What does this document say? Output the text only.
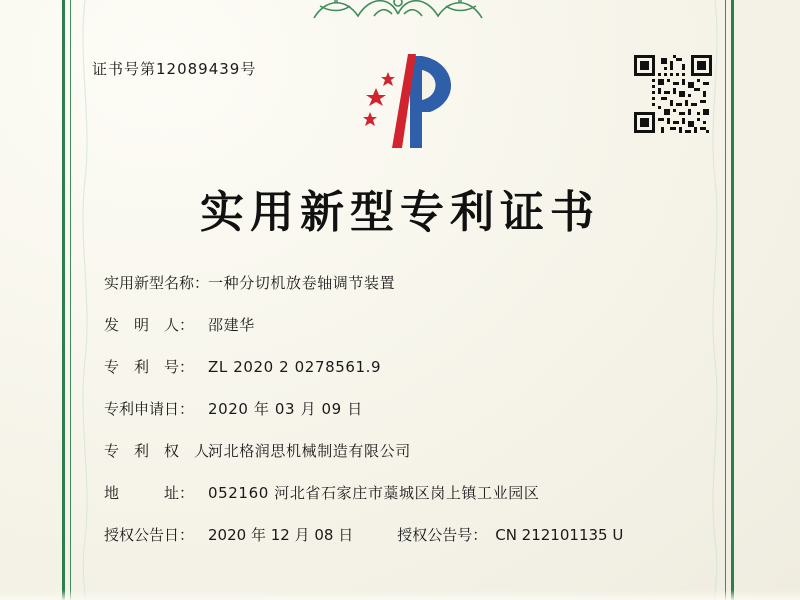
证书号第12089439号
实用新型专利证书
实用新型名称：
一种分切机放卷轴调节装置
发　明　人： 邵建华
专　利　号： ZL 2020 2 0278561.9
专利申请日： 2020 年 03 月 09 日
专　利　权　人：
河北格润思机械制造有限公司
地　　　址： 052160 河北省石家庄市藁城区岗上镇工业园区
授权公告日： 2020 年 12 月 08 日	授权公告号： CN 212101135 U
